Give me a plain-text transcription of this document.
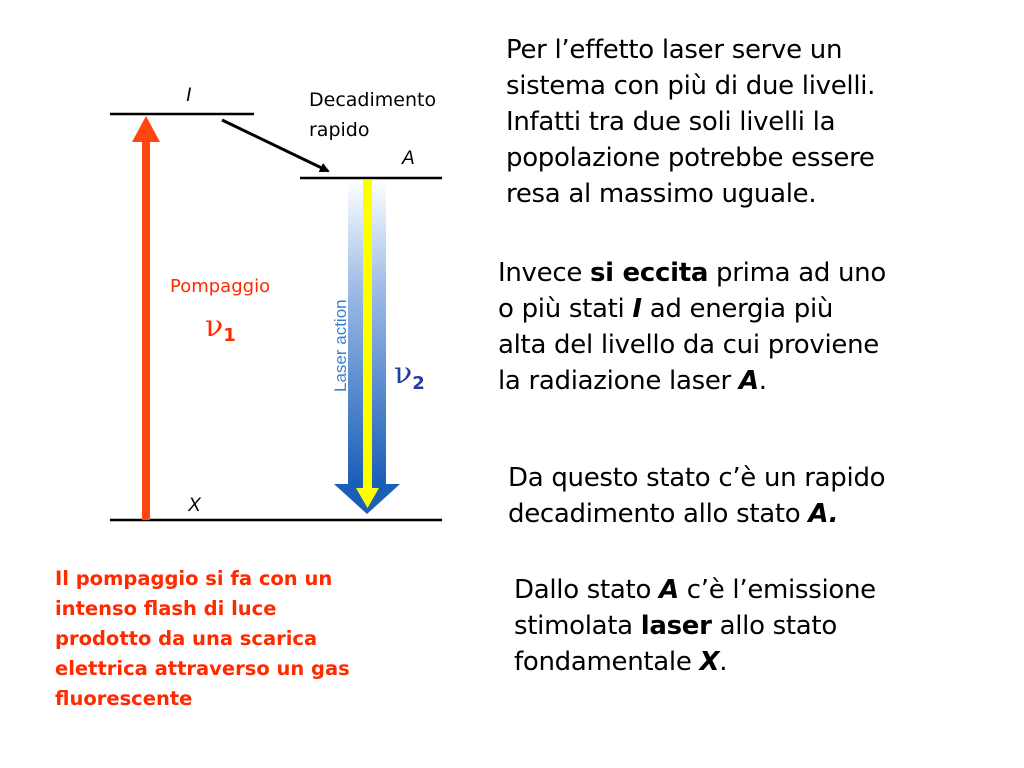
I
A
X
Decadimento
rapido
Laser action
Pompaggio
ν1
$\nu_2$

Per l’effetto laser serve un
sistema con più di due livelli.
Infatti tra due soli livelli la
popolazione potrebbe essere
resa al massimo uguale.

Invece si eccita prima ad uno
o più stati I ad energia più
alta del livello da cui proviene
la radiazione laser A.

Da questo stato c’è un rapido
decadimento allo stato A.

Dallo stato A c’è l’emissione
stimolata laser allo stato
fondamentale X.

Il pompaggio si fa con un
intenso flash di luce
prodotto da una scarica
elettrica attraverso un gas
fluorescente
